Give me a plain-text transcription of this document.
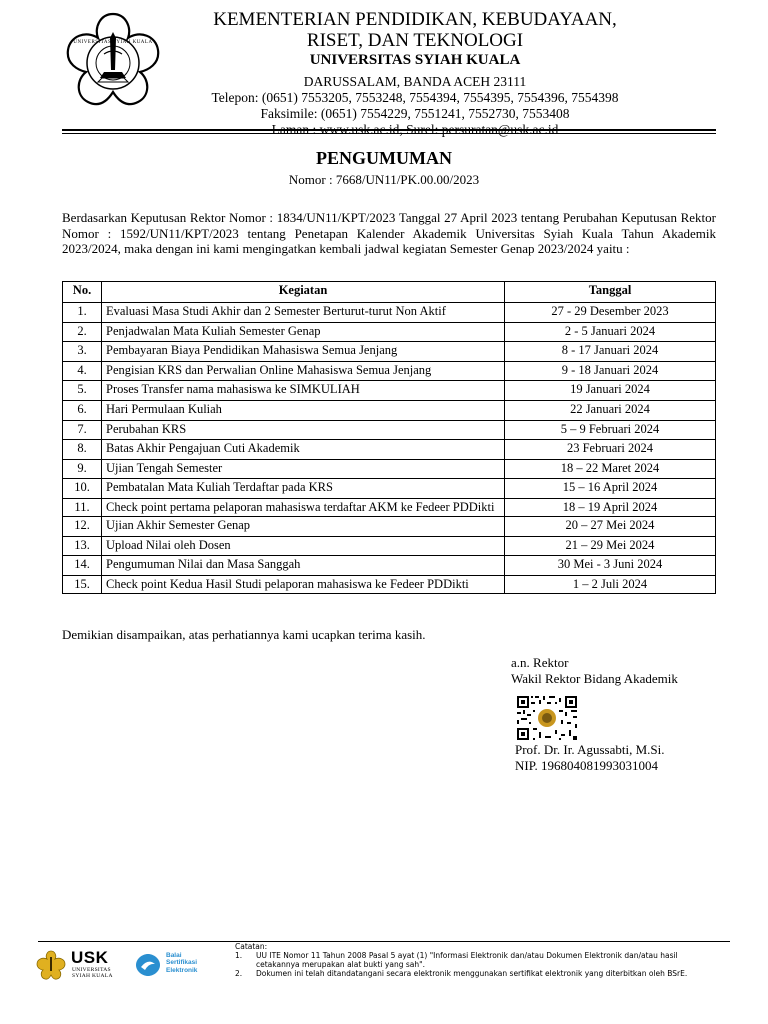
UNIVERSITAS SYIAH KUALA
KEMENTERIAN PENDIDIKAN, KEBUDAYAAN,
RISET, DAN TEKNOLOGI
UNIVERSITAS SYIAH KUALA
DARUSSALAM, BANDA ACEH 23111
Telepon: (0651) 7553205, 7553248, 7554394, 7554395, 7554396, 7554398
Faksimile: (0651) 7554229, 7551241, 7552730, 7553408
Laman : www.usk.ac.id, Surel: persuratan@usk.ac.id
PENGUMUMAN
Nomor : 7668/UN11/PK.00.00/2023
Berdasarkan Keputusan Rektor Nomor : 1834/UN11/KPT/2023 Tanggal 27 April 2023 tentang Perubahan Keputusan Rektor Nomor : 1592/UN11/KPT/2023 tentang Penetapan Kalender Akademik Universitas Syiah Kuala Tahun Akademik 2023/2024, maka dengan ini kami mengingatkan kembali jadwal kegiatan Semester Genap 2023/2024 yaitu :
No.	Kegiatan	Tanggal
1.	Evaluasi Masa Studi Akhir dan 2 Semester Berturut-turut Non Aktif	27 - 29 Desember 2023
2.	Penjadwalan Mata Kuliah Semester Genap	2 - 5 Januari 2024
3.	Pembayaran Biaya Pendidikan Mahasiswa Semua Jenjang	8 - 17 Januari 2024
4.	Pengisian KRS dan Perwalian Online Mahasiswa Semua Jenjang	9 - 18 Januari 2024
5.	Proses Transfer nama mahasiswa ke SIMKULIAH	19 Januari 2024
6.	Hari Permulaan Kuliah	22 Januari 2024
7.	Perubahan KRS	5 – 9 Februari 2024
8.	Batas Akhir Pengajuan Cuti Akademik	23 Februari 2024
9.	Ujian Tengah Semester	18 – 22 Maret 2024
10.	Pembatalan Mata Kuliah Terdaftar pada KRS	15 – 16 April 2024
11.	Check point pertama pelaporan mahasiswa terdaftar AKM ke Fedeer PDDikti	18 – 19 April 2024
12.	Ujian Akhir Semester Genap	20 – 27 Mei 2024
13.	Upload Nilai oleh Dosen	21 – 29 Mei 2024
14.	Pengumuman Nilai dan Masa Sanggah	30 Mei - 3 Juni 2024
15.	Check point Kedua Hasil Studi pelaporan mahasiswa ke Fedeer PDDikti	1 – 2 Juli 2024
Demikian disampaikan, atas perhatiannya kami ucapkan terima kasih.
a.n. Rektor
Wakil Rektor Bidang Akademik
Prof. Dr. Ir. Agussabti, M.Si.
NIP. 196804081993031004
USK
UNIVERSITAS
SYIAH KUALA
Balai
Sertifikasi
Elektronik
Catatan:
1.	UU ITE Nomor 11 Tahun 2008 Pasal 5 ayat (1) "Informasi Elektronik dan/atau Dokumen Elektronik dan/atau hasil cetakannya merupakan alat bukti yang sah".
2.	Dokumen ini telah ditandatangani secara elektronik menggunakan sertifikat elektronik yang diterbitkan oleh BSrE.
